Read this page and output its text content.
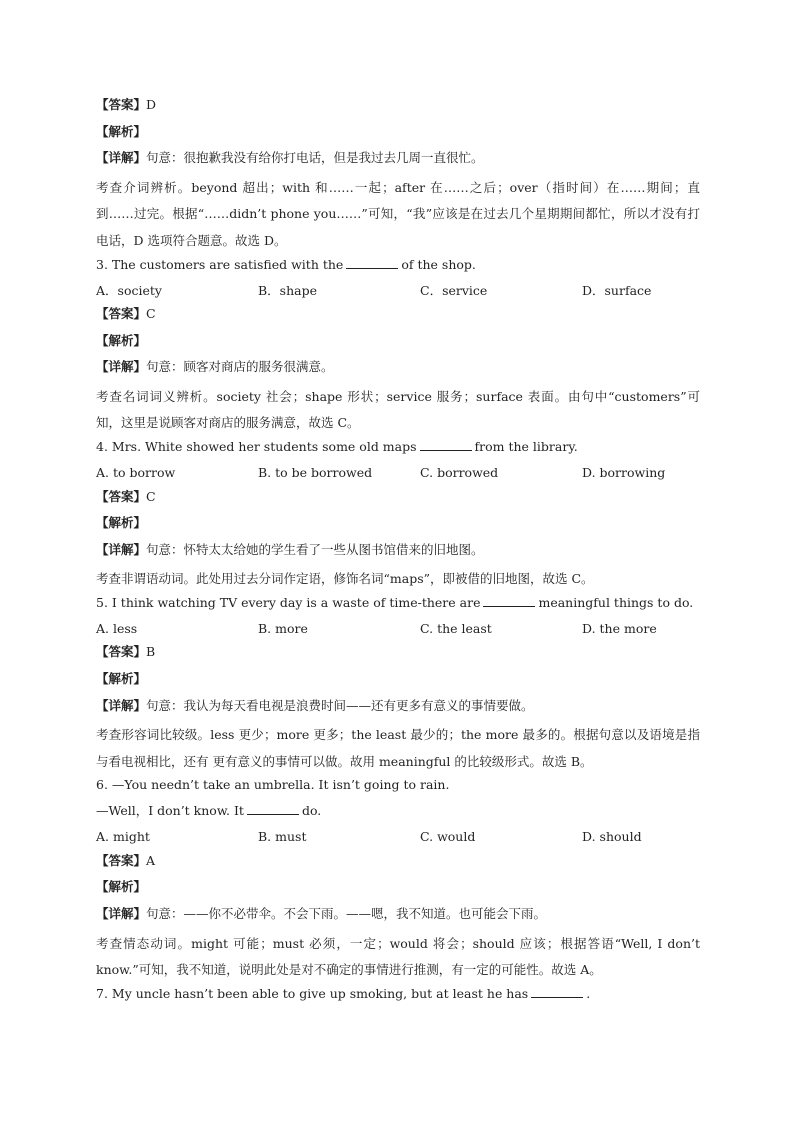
【答案】D
【解析】
【详解】句意：很抱歉我没有给你打电话，但是我过去几周一直很忙。
考查介词辨析。beyond 超出；with 和……一起；after 在……之后；over（指时间）在……期间；直到……过完。根据“……didn’t phone you……”可知，“我”应该是在过去几个星期期间都忙，所以才没有打电话，D 选项符合题意。故选 D。
3. The customers are satisfied with the	of the shop.
A．society	B．shape	C．service	D．surface
【答案】C
【解析】
【详解】句意：顾客对商店的服务很满意。
考查名词词义辨析。society 社会；shape 形状；service 服务；surface 表面。由句中“customers”可知，这里是说顾客对商店的服务满意，故选 C。
4. Mrs. White showed her students some old maps	from the library.
A. to borrow	B. to be borrowed	C. borrowed	D. borrowing
【答案】C
【解析】
【详解】句意：怀特太太给她的学生看了一些从图书馆借来的旧地图。
考查非谓语动词。此处用过去分词作定语，修饰名词“maps”，即被借的旧地图，故选 C。
5. I think watching TV every day is a waste of time-there are	meaningful things to do.
A. less	B. more	C. the least	D. the more
【答案】B
【解析】
【详解】句意：我认为每天看电视是浪费时间——还有更多有意义的事情要做。
考查形容词比较级。less 更少；more 更多；the least 最少的；the more 最多的。根据句意以及语境是指与看电视相比，还有 更有意义的事情可以做。故用 meaningful 的比较级形式。故选 B。
6. —You needn’t take an umbrella. It isn’t going to rain.
—Well，I don’t know. It	do.
A. might	B. must	C. would	D. should
【答案】A
【解析】
【详解】句意：——你不必带伞。不会下雨。——嗯，我不知道。也可能会下雨。
考查情态动词。might 可能；must 必须，一定；would 将会；should 应该；根据答语“Well, I don’t know.”可知，我不知道，说明此处是对不确定的事情进行推测，有一定的可能性。故选 A。
7. My uncle hasn’t been able to give up smoking, but at least he has	.
